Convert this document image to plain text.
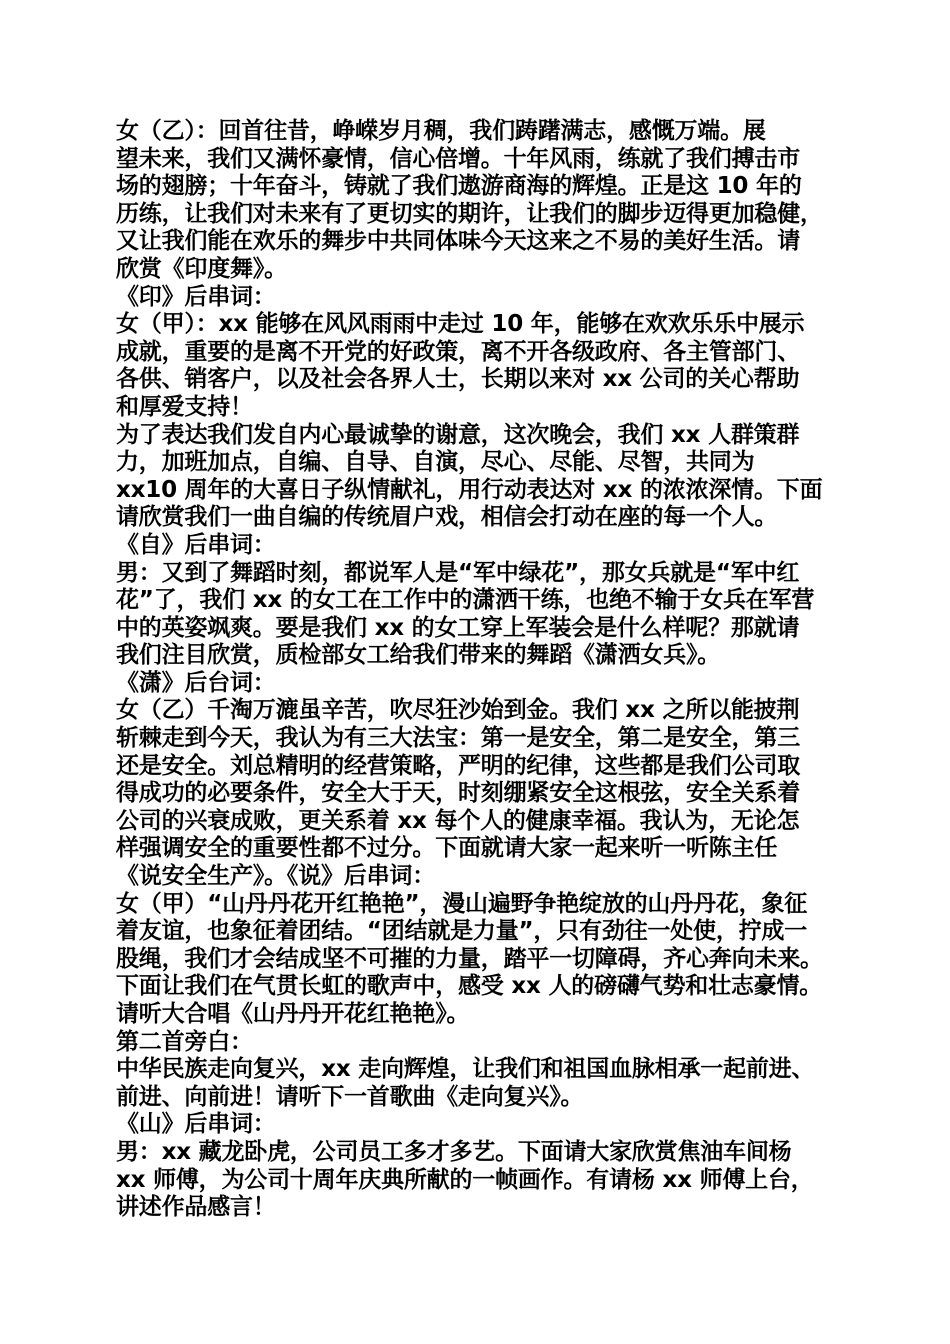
女（乙）：回首往昔，峥嵘岁月稠，我们踌躇满志，感慨万端。展
望未来，我们又满怀豪情，信心倍增。十年风雨，练就了我们搏击市
场的翅膀；十年奋斗，铸就了我们遨游商海的辉煌。正是这 10 年的
历练，让我们对未来有了更切实的期许，让我们的脚步迈得更加稳健，
又让我们能在欢乐的舞步中共同体味今天这来之不易的美好生活。请
欣赏《印度舞》。
《印》后串词：
女（甲）：xx 能够在风风雨雨中走过 10 年，能够在欢欢乐乐中展示
成就，重要的是离不开党的好政策，离不开各级政府、各主管部门、
各供、销客户，以及社会各界人士，长期以来对 xx 公司的关心帮助
和厚爱支持！
为了表达我们发自内心最诚挚的谢意，这次晚会，我们 xx 人群策群
力，加班加点，自编、自导、自演，尽心、尽能、尽智，共同为
xx10 周年的大喜日子纵情献礼，用行动表达对 xx 的浓浓深情。下面
请欣赏我们一曲自编的传统眉户戏，相信会打动在座的每一个人。
《自》后串词：
男：又到了舞蹈时刻，都说军人是“军中绿花”，那女兵就是“军中红
花”了，我们 xx 的女工在工作中的潇洒干练，也绝不输于女兵在军营
中的英姿飒爽。要是我们 xx 的女工穿上军装会是什么样呢？那就请
我们注目欣赏，质检部女工给我们带来的舞蹈《潇洒女兵》。
《潇》后台词：
女（乙）千淘万漉虽辛苦，吹尽狂沙始到金。我们 xx 之所以能披荆
斩棘走到今天，我认为有三大法宝：第一是安全，第二是安全，第三
还是安全。刘总精明的经营策略，严明的纪律，这些都是我们公司取
得成功的必要条件，安全大于天，时刻绷紧安全这根弦，安全关系着
公司的兴衰成败，更关系着 xx 每个人的健康幸福。我认为，无论怎
样强调安全的重要性都不过分。下面就请大家一起来听一听陈主任
《说安全生产》。《说》后串词：
女（甲）“山丹丹花开红艳艳”，漫山遍野争艳绽放的山丹丹花，象征
着友谊，也象征着团结。“团结就是力量”，只有劲往一处使，拧成一
股绳，我们才会结成坚不可摧的力量，踏平一切障碍，齐心奔向未来。
下面让我们在气贯长虹的歌声中，感受 xx 人的磅礴气势和壮志豪情。
请听大合唱《山丹丹开花红艳艳》。
第二首旁白：
中华民族走向复兴，xx 走向辉煌，让我们和祖国血脉相承一起前进、
前进、向前进！请听下一首歌曲《走向复兴》。
《山》后串词：
男：xx 藏龙卧虎，公司员工多才多艺。下面请大家欣赏焦油车间杨
xx 师傅，为公司十周年庆典所献的一帧画作。有请杨 xx 师傅上台，
讲述作品感言！
